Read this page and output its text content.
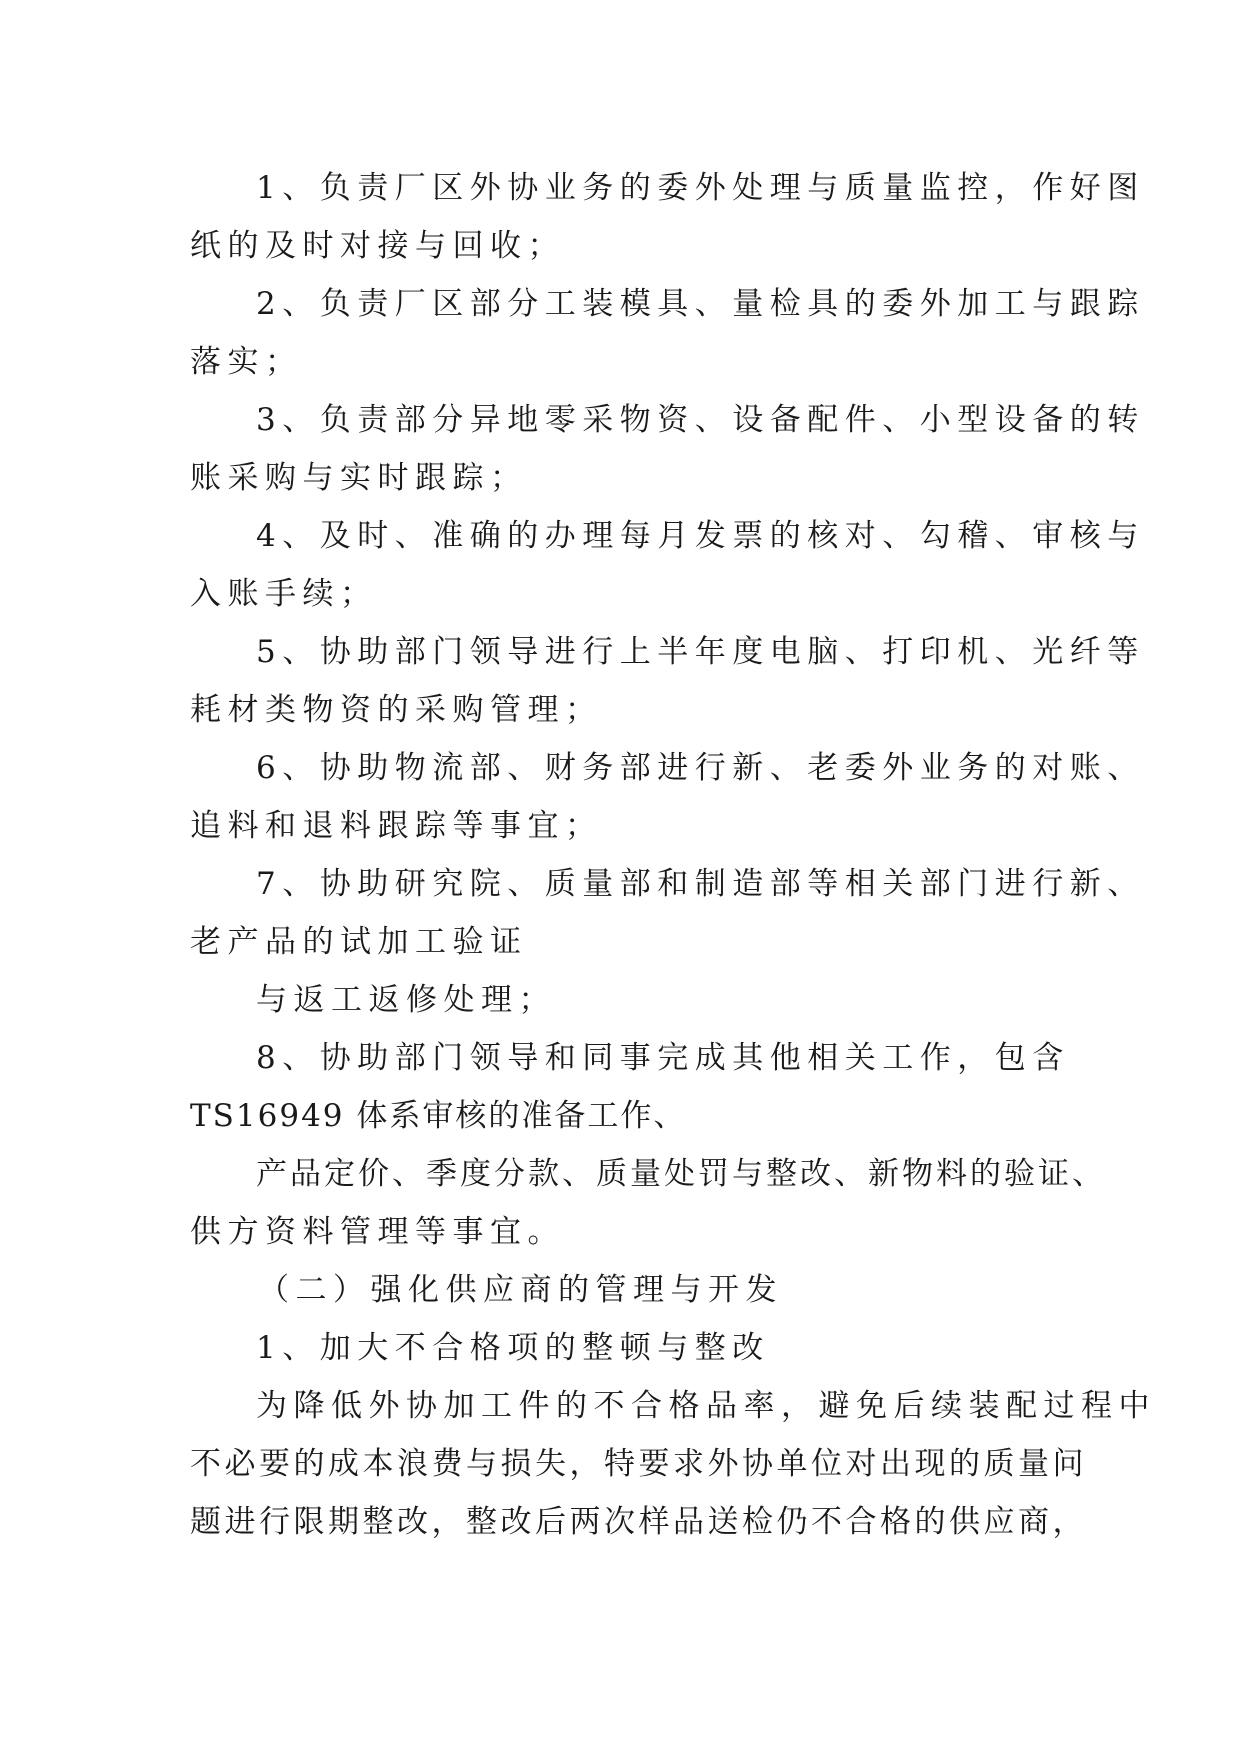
1、负责厂区外协业务的委外处理与质量监控，作好图
纸的及时对接与回收；
2、负责厂区部分工装模具、量检具的委外加工与跟踪
落实；
3、负责部分异地零采物资、设备配件、小型设备的转
账采购与实时跟踪；
4、及时、准确的办理每月发票的核对、勾稽、审核与
入账手续；
5、协助部门领导进行上半年度电脑、打印机、光纤等
耗材类物资的采购管理；
6、协助物流部、财务部进行新、老委外业务的对账、
追料和退料跟踪等事宜；
7、协助研究院、质量部和制造部等相关部门进行新、
老产品的试加工验证
与返工返修处理；
8、协助部门领导和同事完成其他相关工作，包含
TS16949 体系审核的准备工作、
产品定价、季度分款、质量处罚与整改、新物料的验证、
供方资料管理等事宜。
（二）强化供应商的管理与开发
1、加大不合格项的整顿与整改
为降低外协加工件的不合格品率，避免后续装配过程中
不必要的成本浪费与损失，特要求外协单位对出现的质量问
题进行限期整改，整改后两次样品送检仍不合格的供应商，
